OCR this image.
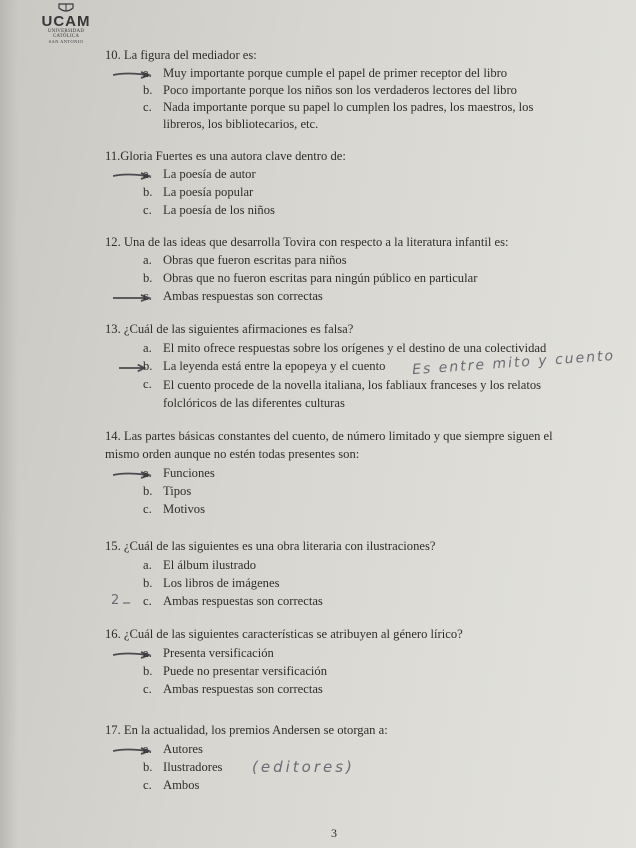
UCAM
UNIVERSIDAD CATÓLICA
SAN ANTONIO
10. La figura del mediador es:
a. Muy importante porque cumple el papel de primer receptor del libro
b. Poco importante porque los niños son los verdaderos lectores del libro
c. Nada importante porque su papel lo cumplen los padres, los maestros, los libreros, los bibliotecarios, etc.
11.Gloria Fuertes es una autora clave dentro de:
a. La poesía de autor
b. La poesía popular
c. La poesía de los niños
12. Una de las ideas que desarrolla Tovira con respecto a la literatura infantil es:
a. Obras que fueron escritas para niños
b. Obras que no fueron escritas para ningún público en particular
c. Ambas respuestas son correctas
13. ¿Cuál de las siguientes afirmaciones es falsa?
a. El mito ofrece respuestas sobre los orígenes y el destino de una colectividad
b. La leyenda está entre la epopeya y el cuento
c. El cuento procede de la novella italiana, los fabliaux franceses y los relatos folclóricos de las diferentes culturas
Es entre mito y cuento
14. Las partes básicas constantes del cuento, de número limitado y que siempre siguen el mismo orden aunque no estén todas presentes son:
a. Funciones
b. Tipos
c. Motivos
15. ¿Cuál de las siguientes es una obra literaria con ilustraciones?
a. El álbum ilustrado
b. Los libros de imágenes
2 c. Ambas respuestas son correctas
16. ¿Cuál de las siguientes características se atribuyen al género lírico?
a. Presenta versificación
b. Puede no presentar versificación
c. Ambas respuestas son correctas
17. En la actualidad, los premios Andersen se otorgan a:
a. Autores
b. Ilustradores
c. Ambos
(editores)
3
